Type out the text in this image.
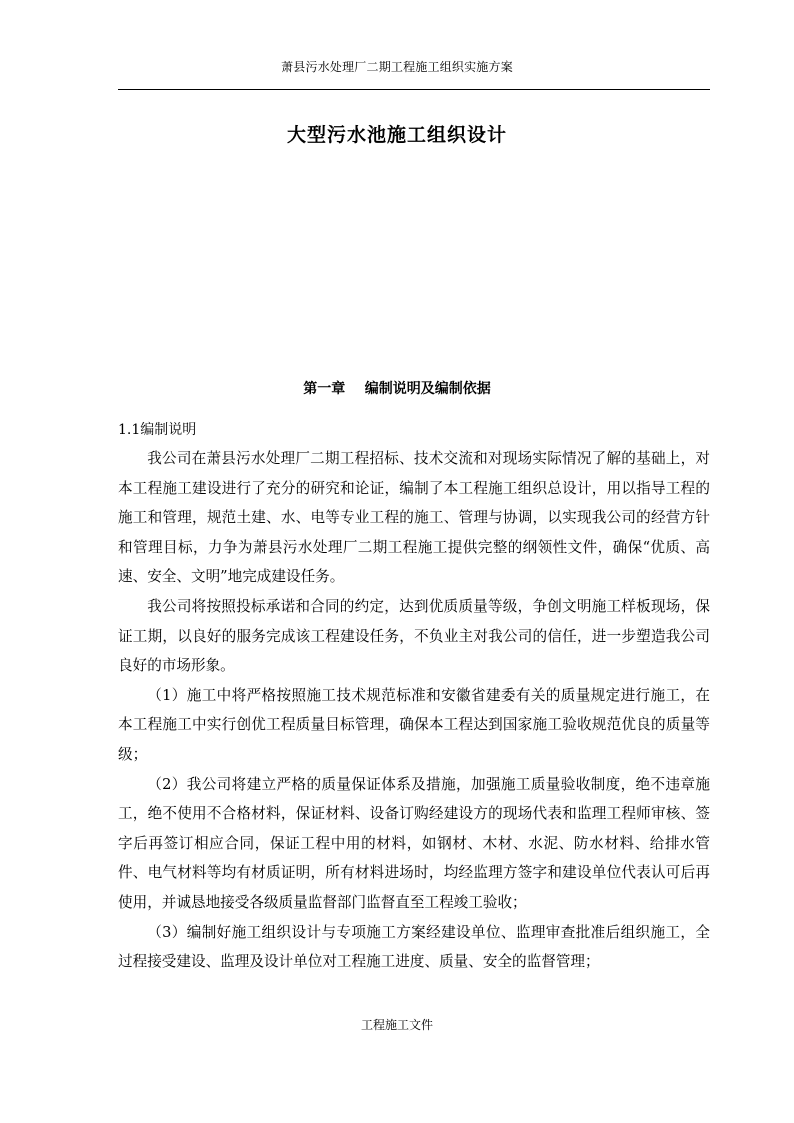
萧县污水处理厂二期工程施工组织实施方案
大型污水池施工组织设计
第一章    编制说明及编制依据
1.1编制说明

我公司在萧县污水处理厂二期工程招标、技术交流和对现场实际情况了解的基础上，对本工程施工建设进行了充分的研究和论证，编制了本工程施工组织总设计，用以指导工程的施工和管理，规范土建、水、电等专业工程的施工、管理与协调，以实现我公司的经营方针和管理目标，力争为萧县污水处理厂二期工程施工提供完整的纲领性文件，确保“优质、高速、安全、文明”地完成建设任务。

我公司将按照投标承诺和合同的约定，达到优质质量等级，争创文明施工样板现场，保证工期，以良好的服务完成该工程建设任务，不负业主对我公司的信任，进一步塑造我公司良好的市场形象。

（1）施工中将严格按照施工技术规范标准和安徽省建委有关的质量规定进行施工，在本工程施工中实行创优工程质量目标管理，确保本工程达到国家施工验收规范优良的质量等级；

（2）我公司将建立严格的质量保证体系及措施，加强施工质量验收制度，绝不违章施工，绝不使用不合格材料，保证材料、设备订购经建设方的现场代表和监理工程师审核、签字后再签订相应合同，保证工程中用的材料，如钢材、木材、水泥、防水材料、给排水管件、电气材料等均有材质证明，所有材料进场时，均经监理方签字和建设单位代表认可后再使用，并诚恳地接受各级质量监督部门监督直至工程竣工验收；

（3）编制好施工组织设计与专项施工方案经建设单位、监理审查批准后组织施工，全过程接受建设、监理及设计单位对工程施工进度、质量、安全的监督管理；

工程施工文件
